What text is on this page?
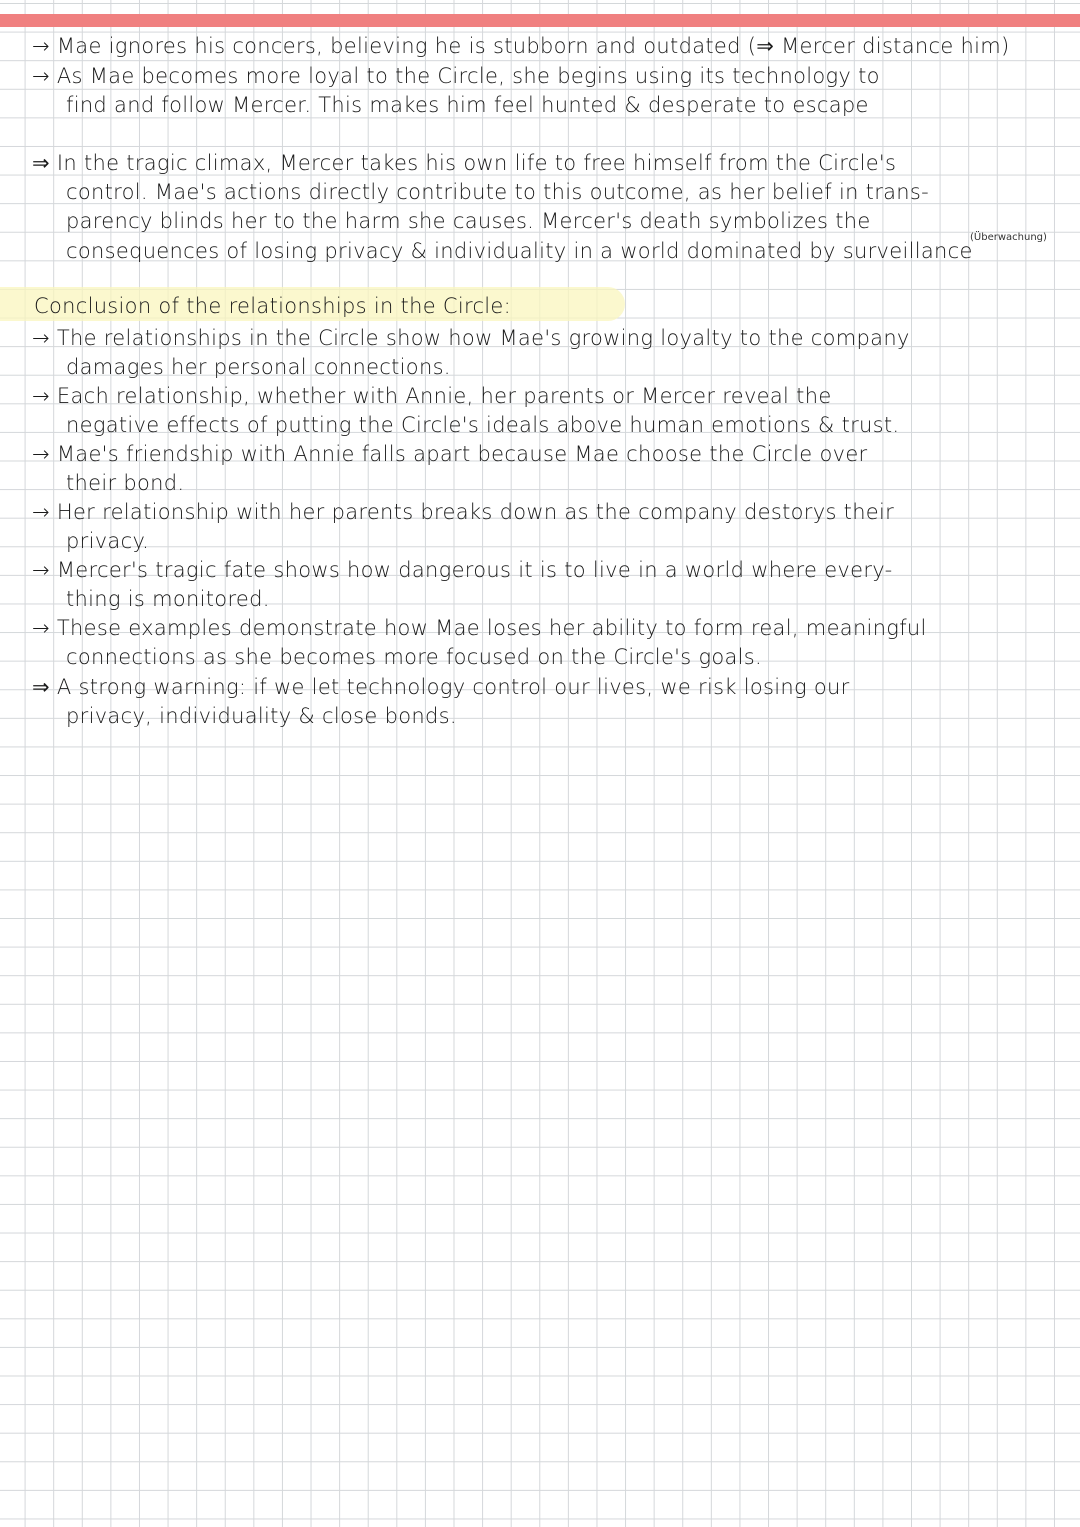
→ Mae ignores his concers, believing he is stubborn and outdated (⇒ Mercer distance him)
→ As Mae becomes more loyal to the Circle, she begins using its technology to
find and follow Mercer. This makes him feel hunted & desperate to escape
⇒ In the tragic climax, Mercer takes his own life to free himself from the Circle's
control. Mae's actions directly contribute to this outcome, as her belief in trans-
parency blinds her to the harm she causes. Mercer's death symbolizes the
consequences of losing privacy & individuality in a world dominated by surveillance
(Überwachung)
Conclusion of the relationships in the Circle:
→ The relationships in the Circle show how Mae's growing loyalty to the company
damages her personal connections.
→ Each relationship, whether with Annie, her parents or Mercer reveal the
negative effects of putting the Circle's ideals above human emotions & trust.
→ Mae's friendship with Annie falls apart because Mae choose the Circle over
their bond.
→ Her relationship with her parents breaks down as the company destorys their
privacy.
→ Mercer's tragic fate shows how dangerous it is to live in a world where every-
thing is monitored.
→ These examples demonstrate how Mae loses her ability to form real, meaningful
connections as she becomes more focused on the Circle's goals.
⇒ A strong warning: if we let technology control our lives, we risk losing our
privacy, individuality & close bonds.
